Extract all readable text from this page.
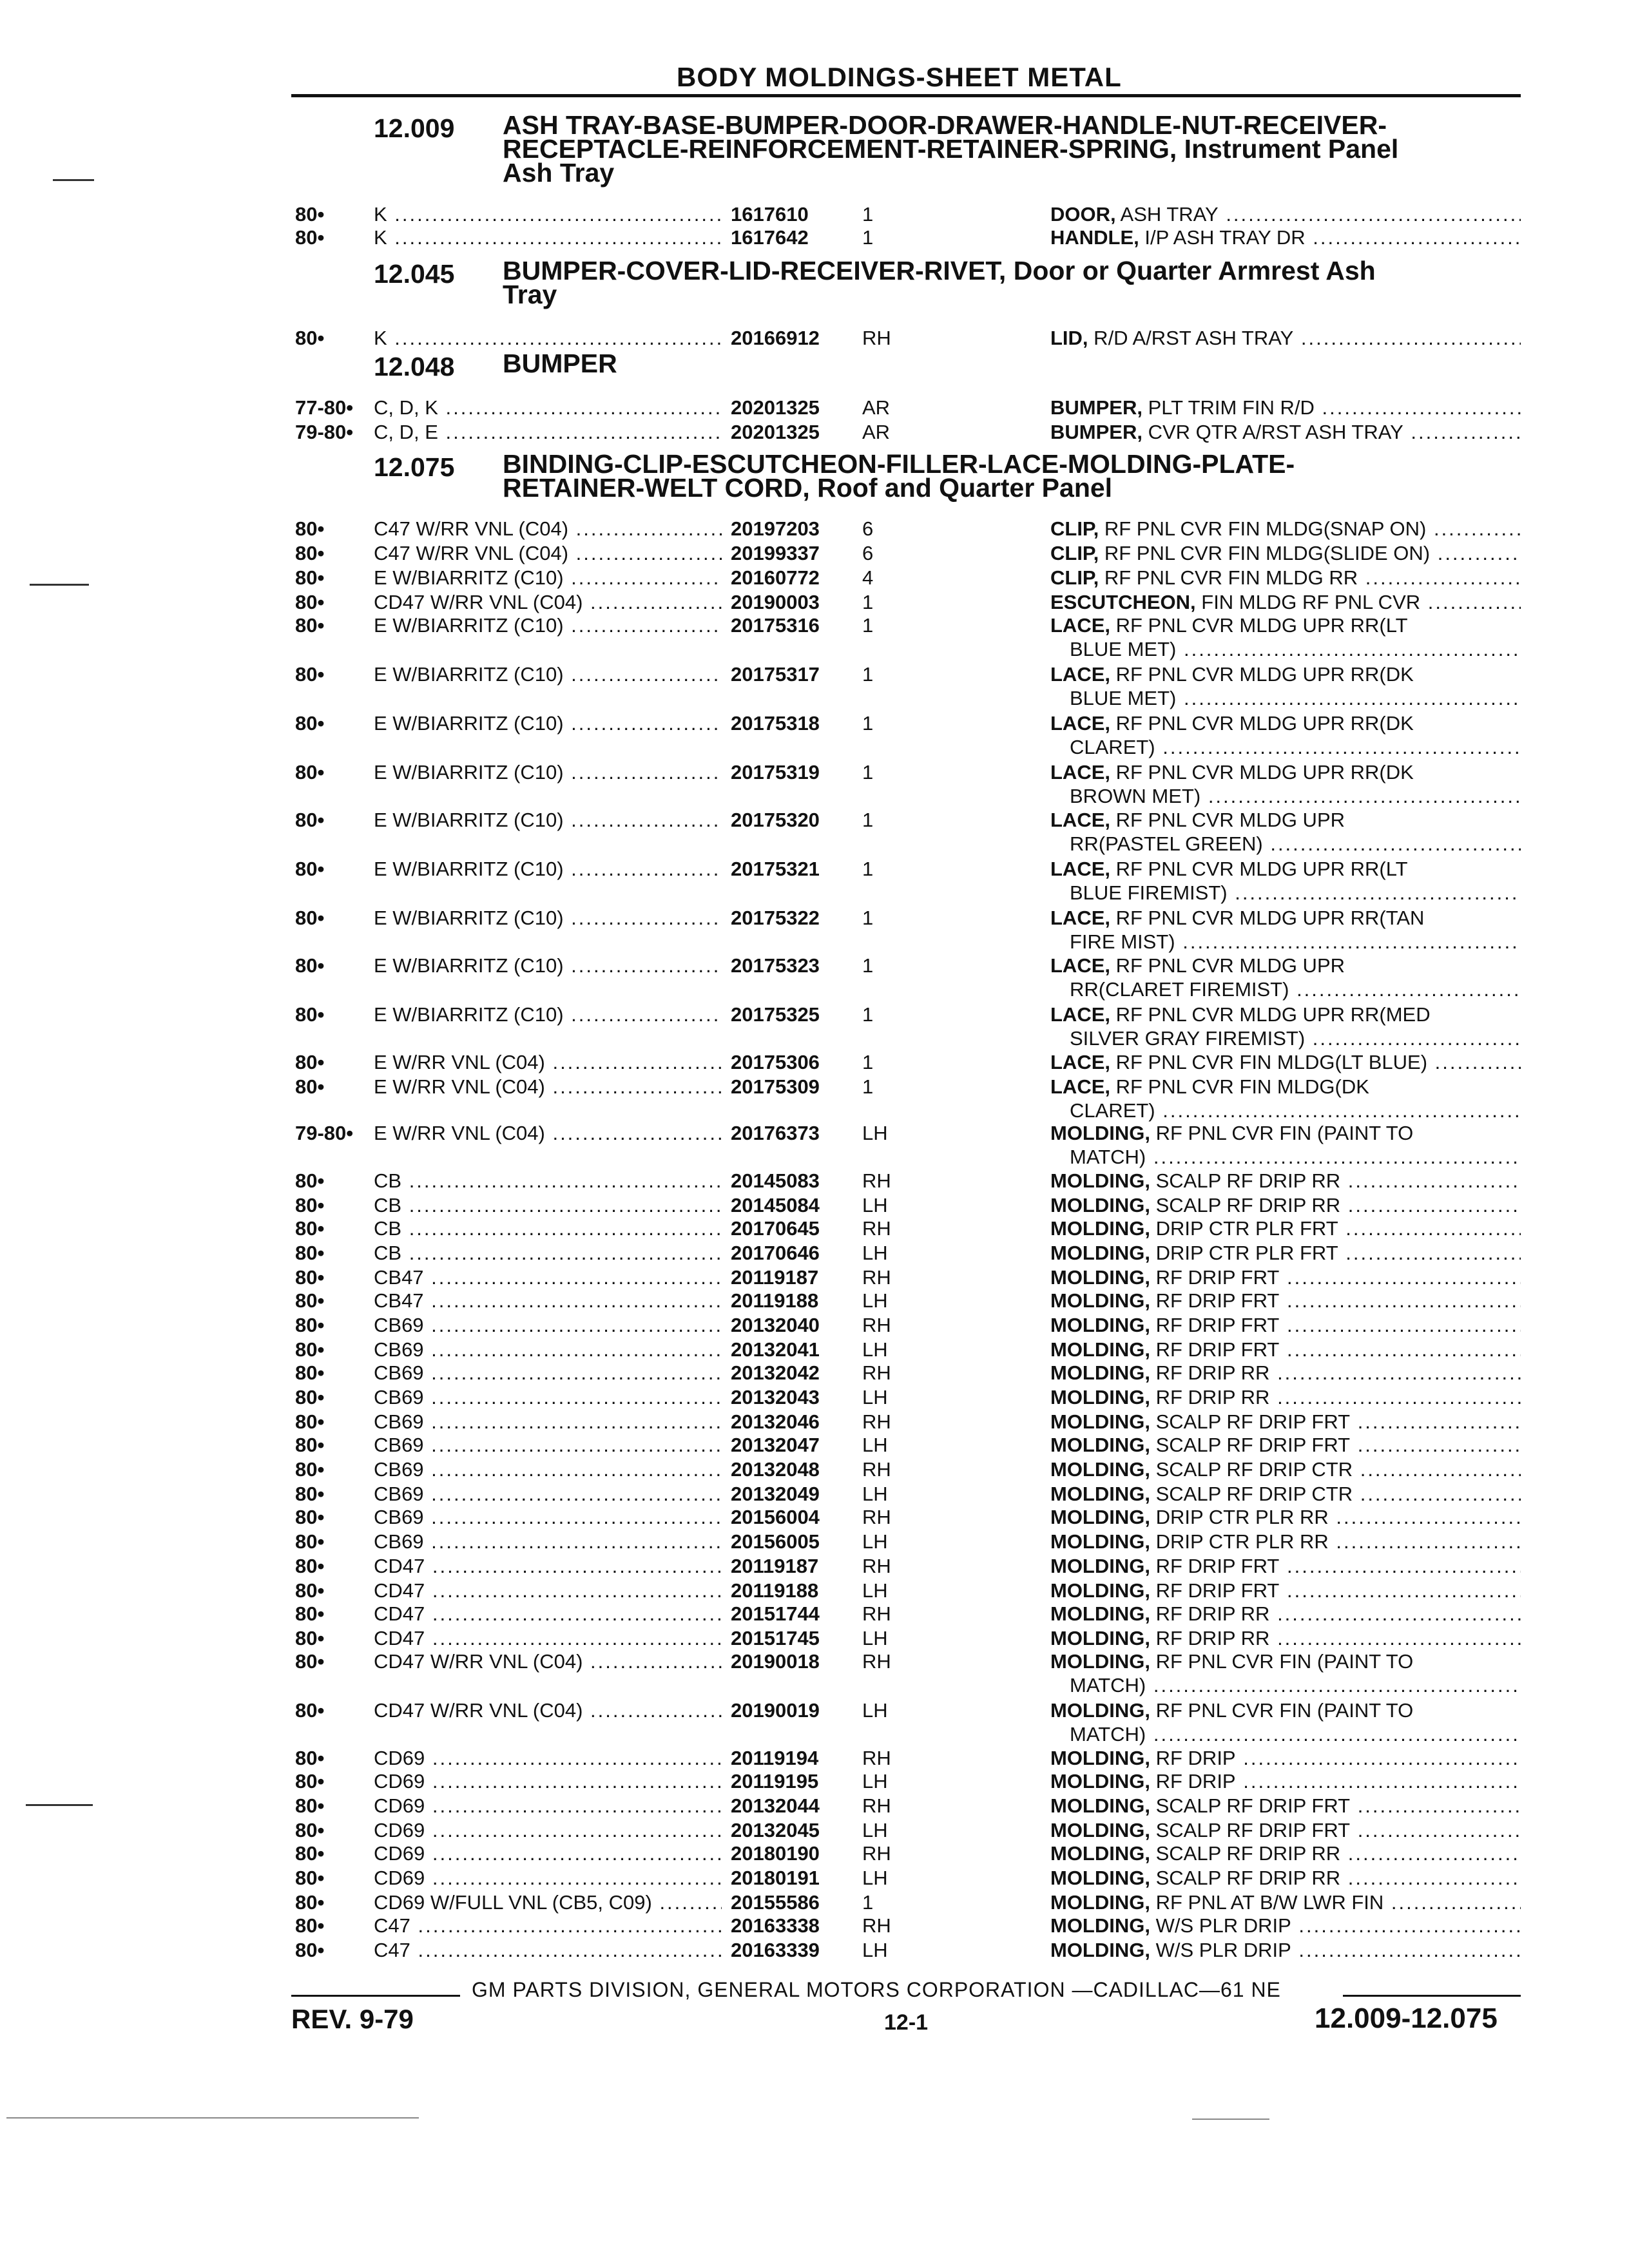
BODY MOLDINGS-SHEET METAL
12.009 ASH TRAY-BASE-BUMPER-DOOR-DRAWER-HANDLE-NUT-RECEIVER-
RECEPTACLE-REINFORCEMENT-RETAINER-SPRING, Instrument Panel
Ash Tray
12.045 BUMPER-COVER-LID-RECEIVER-RIVET, Door or Quarter Armrest Ash
Tray
12.048 BUMPER
12.075 BINDING-CLIP-ESCUTCHEON-FILLER-LACE-MOLDING-PLATE-
RETAINER-WELT CORD, Roof and Quarter Panel
80• K .....	1617610	1	DOOR, ASH TRAY .....
80• K .....	1617642	1	HANDLE, I/P ASH TRAY DR .....
80• K .....	20166912 RH	LID, R/D A/RST ASH TRAY .....
77-80• C, D, K .....	20201325 AR	BUMPER, PLT TRIM FIN R/D .....
79-80• C, D, E .....	20201325 AR	BUMPER, CVR QTR A/RST ASH TRAY .....
80• C47 W/RR VNL (C04) .....	20197203 6	CLIP, RF PNL CVR FIN MLDG(SNAP ON) .....
80• C47 W/RR VNL (C04) .....	20199337 6	CLIP, RF PNL CVR FIN MLDG(SLIDE ON) .....
80• E W/BIARRITZ (C10) .....	20160772 4	CLIP, RF PNL CVR FIN MLDG RR .....
80• CD47 W/RR VNL (C04) .....	20190003 1	ESCUTCHEON, FIN MLDG RF PNL CVR .....
80• E W/BIARRITZ (C10) .....	20175316 1	LACE, RF PNL CVR MLDG UPR RR(LT
BLUE MET) .....
80• E W/BIARRITZ (C10) .....	20175317 1	LACE, RF PNL CVR MLDG UPR RR(DK
BLUE MET) .....
80• E W/BIARRITZ (C10) .....	20175318 1	LACE, RF PNL CVR MLDG UPR RR(DK
CLARET) .....
80• E W/BIARRITZ (C10) .....	20175319 1	LACE, RF PNL CVR MLDG UPR RR(DK
BROWN MET) .....
80• E W/BIARRITZ (C10) .....	20175320 1	LACE, RF PNL CVR MLDG UPR
RR(PASTEL GREEN) .....
80• E W/BIARRITZ (C10) .....	20175321 1	LACE, RF PNL CVR MLDG UPR RR(LT
BLUE FIREMIST) .....
80• E W/BIARRITZ (C10) .....	20175322 1	LACE, RF PNL CVR MLDG UPR RR(TAN
FIRE MIST) .....
80• E W/BIARRITZ (C10) .....	20175323 1	LACE, RF PNL CVR MLDG UPR
RR(CLARET FIREMIST) .....
80• E W/BIARRITZ (C10) .....	20175325 1	LACE, RF PNL CVR MLDG UPR RR(MED
SILVER GRAY FIREMIST) .....
80• E W/RR VNL (C04) .....	20175306 1	LACE, RF PNL CVR FIN MLDG(LT BLUE) .....
80• E W/RR VNL (C04) .....	20175309 1	LACE, RF PNL CVR FIN MLDG(DK
CLARET) .....
79-80• E W/RR VNL (C04) .....	20176373 LH	MOLDING, RF PNL CVR FIN (PAINT TO
MATCH) .....
80• CB .....	20145083 RH	MOLDING, SCALP RF DRIP RR .....
80• CB .....	20145084 LH	MOLDING, SCALP RF DRIP RR .....
80• CB .....	20170645 RH	MOLDING, DRIP CTR PLR FRT .....
80• CB .....	20170646 LH	MOLDING, DRIP CTR PLR FRT .....
80• CB47 .....	20119187 RH	MOLDING, RF DRIP FRT .....
80• CB47 .....	20119188 LH	MOLDING, RF DRIP FRT .....
80• CB69 .....	20132040 RH	MOLDING, RF DRIP FRT .....
80• CB69 .....	20132041 LH	MOLDING, RF DRIP FRT .....
80• CB69 .....	20132042 RH	MOLDING, RF DRIP RR .....
80• CB69 .....	20132043 LH	MOLDING, RF DRIP RR .....
80• CB69 .....	20132046 RH	MOLDING, SCALP RF DRIP FRT .....
80• CB69 .....	20132047 LH	MOLDING, SCALP RF DRIP FRT .....
80• CB69 .....	20132048 RH	MOLDING, SCALP RF DRIP CTR .....
80• CB69 .....	20132049 LH	MOLDING, SCALP RF DRIP CTR .....
80• CB69 .....	20156004 RH	MOLDING, DRIP CTR PLR RR .....
80• CB69 .....	20156005 LH	MOLDING, DRIP CTR PLR RR .....
80• CD47 .....	20119187 RH	MOLDING, RF DRIP FRT .....
80• CD47 .....	20119188 LH	MOLDING, RF DRIP FRT .....
80• CD47 .....	20151744 RH	MOLDING, RF DRIP RR .....
80• CD47 .....	20151745 LH	MOLDING, RF DRIP RR .....
80• CD47 W/RR VNL (C04) .....	20190018 RH	MOLDING, RF PNL CVR FIN (PAINT TO
MATCH) .....
80• CD47 W/RR VNL (C04) .....	20190019 LH	MOLDING, RF PNL CVR FIN (PAINT TO
MATCH) .....
80• CD69 .....	20119194 RH	MOLDING, RF DRIP .....
80• CD69 .....	20119195 LH	MOLDING, RF DRIP .....
80• CD69 .....	20132044 RH	MOLDING, SCALP RF DRIP FRT .....
80• CD69 .....	20132045 LH	MOLDING, SCALP RF DRIP FRT .....
80• CD69 .....	20180190 RH	MOLDING, SCALP RF DRIP RR .....
80• CD69 .....	20180191 LH	MOLDING, SCALP RF DRIP RR .....
80• CD69 W/FULL VNL (CB5, C09) .....	20155586 1	MOLDING, RF PNL AT B/W LWR FIN .....
80• C47 .....	20163338 RH	MOLDING, W/S PLR DRIP .....
80• C47 .....	20163339 LH	MOLDING, W/S PLR DRIP .....
GM PARTS DIVISION, GENERAL MOTORS CORPORATION —CADILLAC—61 NE
REV. 9-79	12-1	12.009-12.075
